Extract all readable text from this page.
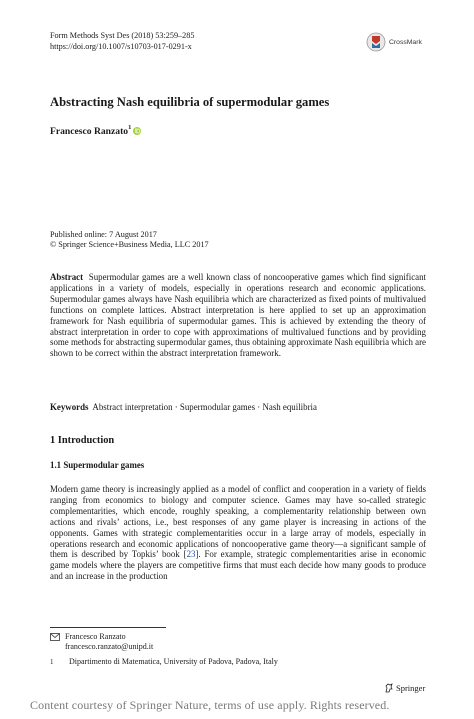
Form Methods Syst Des (2018) 53:259–285
https://doi.org/10.1007/s10703-017-0291-x	CrossMark
Abstracting Nash equilibria of supermodular games
Francesco Ranzato$^1$
Published online: 7 August 2017
© Springer Science+Business Media, LLC 2017
Abstract Supermodular games are a well known class of noncooperative games which find significant applications in a variety of models, especially in operations research and economic applications. Supermodular games always have Nash equilibria which are characterized as fixed points of multivalued functions on complete lattices. Abstract interpretation is here applied to set up an approximation framework for Nash equilibria of supermodular games. This is achieved by extending the theory of abstract interpretation in order to cope with approximations of multivalued functions and by providing some methods for abstracting supermodular games, thus obtaining approximate Nash equilibria which are shown to be correct within the abstract interpretation framework.
Keywords Abstract interpretation · Supermodular games · Nash equilibria
1 Introduction
1.1 Supermodular games
Modern game theory is increasingly applied as a model of conflict and cooperation in a variety of fields ranging from economics to biology and computer science. Games may have so-called strategic complementarities, which encode, roughly speaking, a complementarity relationship between own actions and rivals’ actions, i.e., best responses of any game player is increasing in actions of the opponents. Games with strategic complementarities occur in a large array of models, especially in operations research and economic applications of noncooperative game theory—a significant sample of them is described by Topkis’ book [23]. For example, strategic complementarities arise in economic game models where the players are competitive firms that must each decide how many goods to produce and an increase in the production
Francesco Ranzato
francesco.ranzato@unipd.it
1	Dipartimento di Matematica, University of Padova, Padova, Italy
Springer
Content courtesy of Springer Nature, terms of use apply. Rights reserved.
